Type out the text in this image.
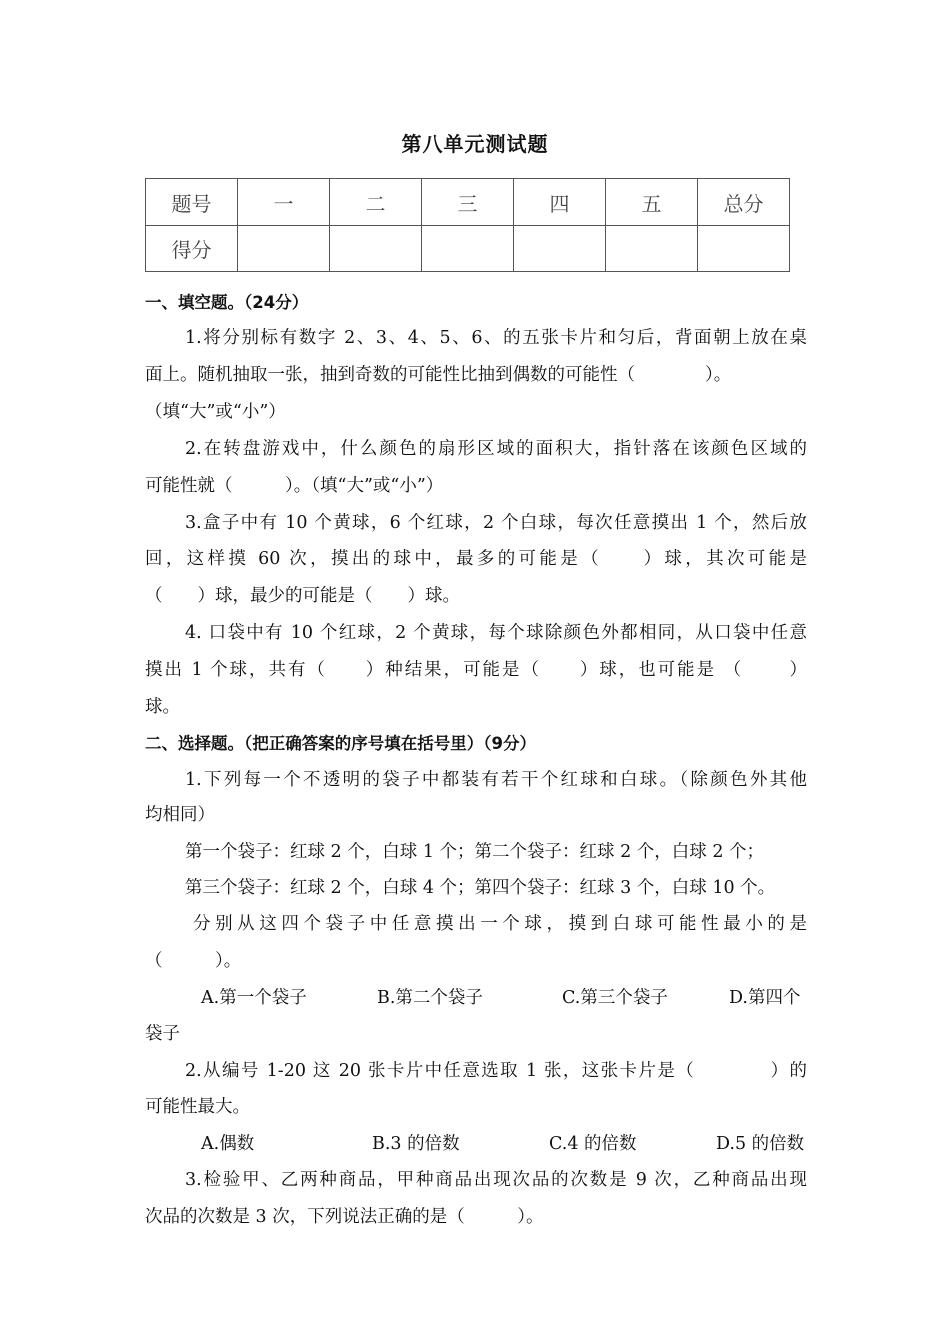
第八单元测试题
题号	一	二	三	四	五	总分
得分						
一、填空题。（24分）
1.将分别标有数字 2、3、4、5、6、的五张卡片和匀后，背面朝上放在桌
面上。随机抽取一张，抽到奇数的可能性比抽到偶数的可能性（　　　　）。
（填“大”或“小”）
2.在转盘游戏中，什么颜色的扇形区域的面积大，指针落在该颜色区域的
可能性就（　　　）。（填“大”或“小”）
3.盒子中有 10 个黄球，6 个红球，2 个白球，每次任意摸出 1 个，然后放
回，这样摸 60 次，摸出的球中，最多的可能是（　　）球，其次可能是
（　　）球，最少的可能是（　　）球。
4. 口袋中有 10 个红球，2 个黄球，每个球除颜色外都相同，从口袋中任意
摸出 1 个球，共有（　　）种结果，可能是（　　）球，也可能是 （　　 ）
球。
二、选择题。（把正确答案的序号填在括号里）（9分）
1.下列每一个不透明的袋子中都装有若干个红球和白球。（除颜色外其他
均相同）
第一个袋子：红球 2 个，白球 1 个；第二个袋子：红球 2 个，白球 2 个；
第三个袋子：红球 2 个，白球 4 个；第四个袋子：红球 3 个，白球 10 个。
分别从这四个袋子中任意摸出一个球，摸到白球可能性最小的是
（　　　）。
A.第一个袋子	B.第二个袋子	C.第三个袋子	D.第四个
袋子
2.从编号 1-20 这 20 张卡片中任意选取 1 张，这张卡片是（　　　　）的
可能性最大。
A.偶数	B.3 的倍数	C.4 的倍数	D.5 的倍数
3.检验甲、乙两种商品，甲种商品出现次品的次数是 9 次，乙种商品出现
次品的次数是 3 次，下列说法正确的是（　　　）。
